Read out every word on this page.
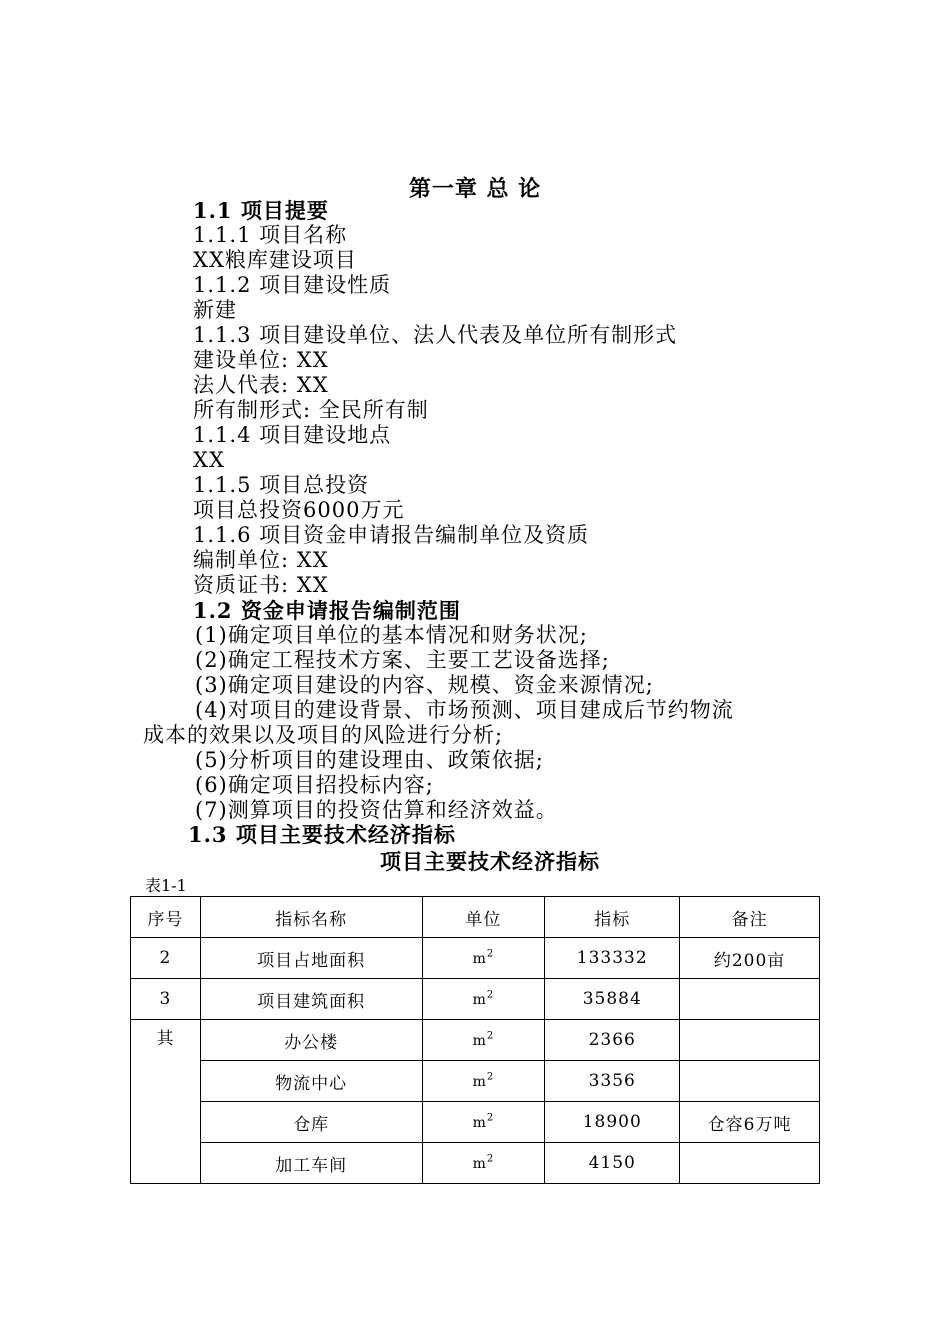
第一章 总 论
1.1 项目提要
1.1.1 项目名称
XX粮库建设项目
1.1.2 项目建设性质
新建
1.1.3 项目建设单位、法人代表及单位所有制形式
建设单位: XX
法人代表: XX
所有制形式: 全民所有制
1.1.4 项目建设地点
XX
1.1.5 项目总投资
项目总投资6000万元
1.1.6 项目资金申请报告编制单位及资质
编制单位: XX
资质证书: XX
1.2 资金申请报告编制范围
(1)确定项目单位的基本情况和财务状况;
(2)确定工程技术方案、主要工艺设备选择;
(3)确定项目建设的内容、规模、资金来源情况;
(4)对项目的建设背景、市场预测、项目建成后节约物流
成本的效果以及项目的风险进行分析;
(5)分析项目的建设理由、政策依据;
(6)确定项目招投标内容;
(7)测算项目的投资估算和经济效益。
1.3 项目主要技术经济指标
项目主要技术经济指标
表1-1
序号	指标名称	单位	指标	备注
2	项目占地面积	$m^2$	133332	约200亩
3	项目建筑面积	$m^2$	35884	
其	办公楼	$m^2$	2366	
	物流中心	$m^2$	3356	
	仓库	$m^2$	18900	仓容6万吨
	加工车间	$m^2$	4150	
